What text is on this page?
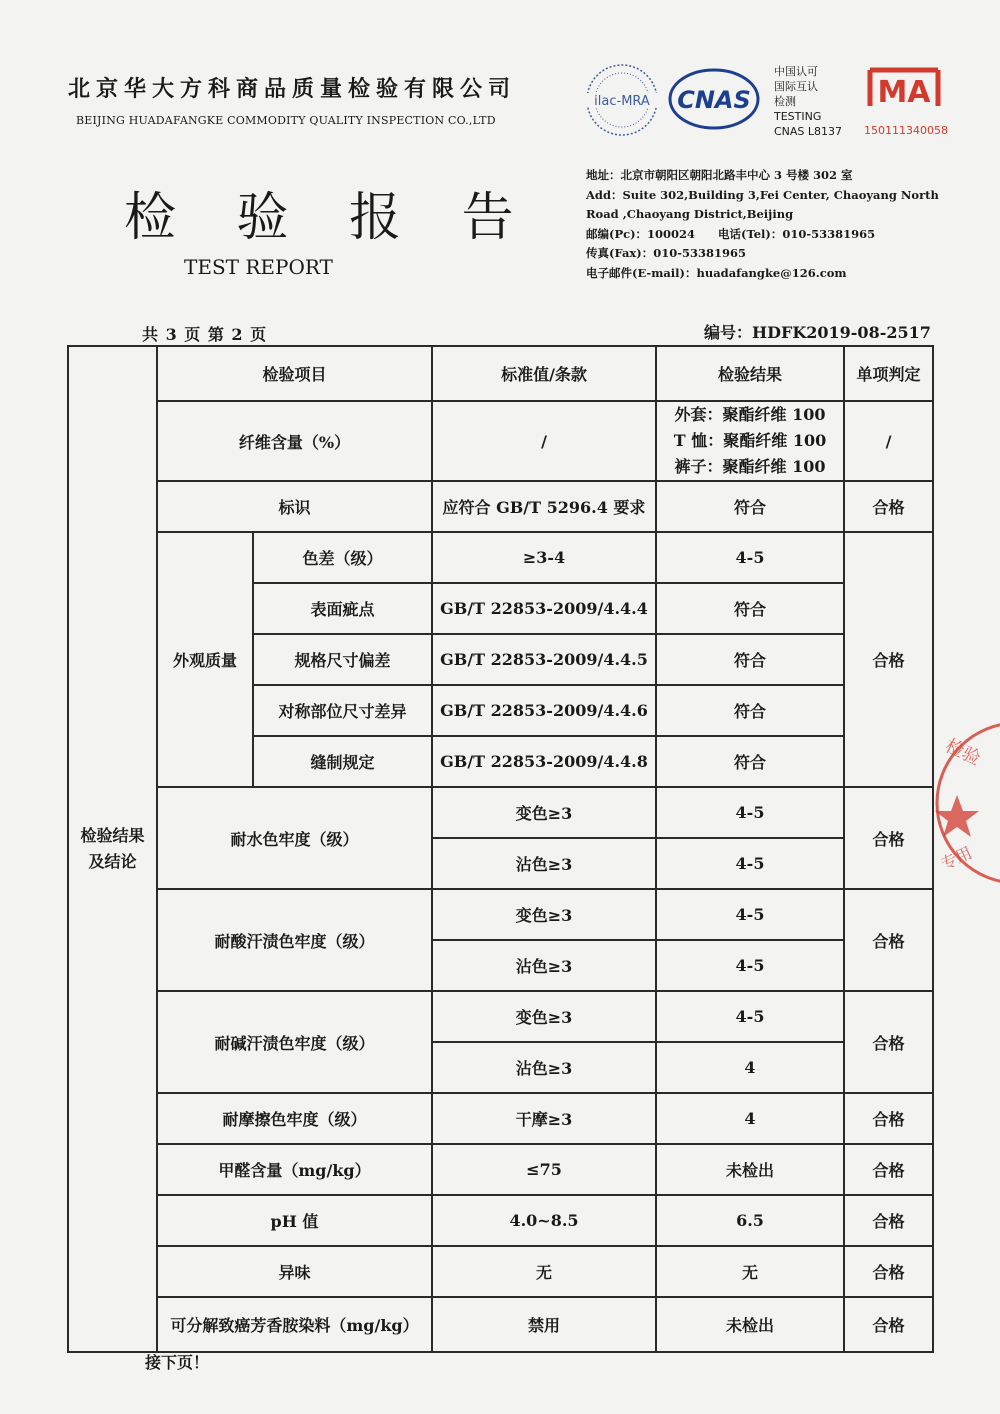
北京华大方科商品质量检验有限公司
BEIJING HUADAFANGKE COMMODITY QUALITY INSPECTION CO.,LTD
检 验 报 告
TEST REPORT
ilac-MRA CNAS
中国认可
国际互认
检测
TESTING
CNAS L8137
MA
150111340058
地址：北京市朝阳区朝阳北路丰中心 3 号楼 302 室
Add：Suite 302,Building 3,Fei Center, Chaoyang North
Road ,Chaoyang District,Beijing
邮编(Pc)：100024　　电话(Tel)：010-53381965
传真(Fax)：010-53381965
电子邮件(E-mail)：huadafangke@126.com
共 3 页 第 2 页	编号：HDFK2019-08-2517
检验结果
及结论	检验项目		标准值/条款	检验结果	单项判定
	纤维含量（%）		/	外套：聚酯纤维 100
T 恤：聚酯纤维 100
裤子：聚酯纤维 100	/
	标识		应符合 GB/T 5296.4 要求	符合	合格
	外观质量	色差（级）	≥3-4	4-5	合格
		表面疵点	GB/T 22853-2009/4.4.4	符合	
		规格尺寸偏差	GB/T 22853-2009/4.4.5	符合	
		对称部位尺寸差异	GB/T 22853-2009/4.4.6	符合	
		缝制规定	GB/T 22853-2009/4.4.8	符合	
	耐水色牢度（级）		变色≥3	4-5	合格
			沾色≥3	4-5	
	耐酸汗渍色牢度（级）		变色≥3	4-5	合格
			沾色≥3	4-5	
	耐碱汗渍色牢度（级）		变色≥3	4-5	合格
			沾色≥3	4	
	耐摩擦色牢度（级）		干摩≥3	4	合格
	甲醛含量（mg/kg）		≤75	未检出	合格
	pH 值		4.0~8.5	6.5	合格
	异味		无	无	合格
	可分解致癌芳香胺染料（mg/kg）		禁用	未检出	合格
检验
专用
接下页！
